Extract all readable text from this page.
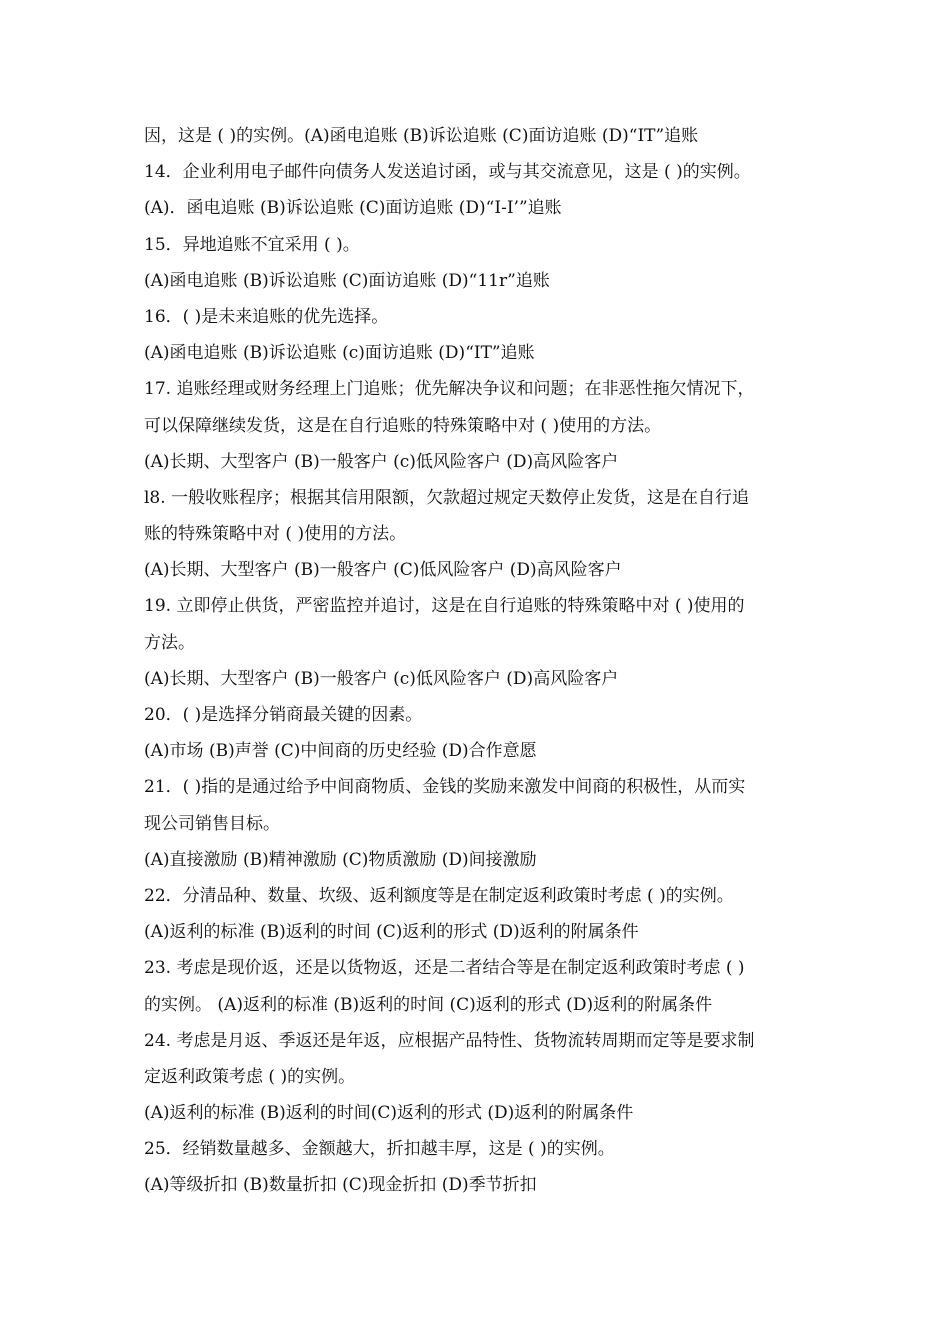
因，这是 ( )的实例。(A)函电追账 (B)诉讼追账 (C)面访追账 (D)“IT”追账
14．企业利用电子邮件向债务人发送追讨函，或与其交流意见，这是 ( )的实例。
(A)．函电追账 (B)诉讼追账 (C)面访追账 (D)“I-I’”追账
15．异地追账不宜采用 ( )。
(A)函电追账 (B)诉讼追账 (C)面访追账 (D)“11r”追账
16．( )是未来追账的优先选择。
(A)函电追账 (B)诉讼追账 (c)面访追账 (D)“IT”追账
17. 追账经理或财务经理上门追账；优先解决争议和问题；在非恶性拖欠情况下，
可以保障继续发货，这是在自行追账的特殊策略中对 ( )使用的方法。
(A)长期、大型客户 (B)一般客户 (c)低风险客户 (D)高风险客户
l8. 一般收账程序；根据其信用限额，欠款超过规定天数停止发货，这是在自行追
账的特殊策略中对 ( )使用的方法。
(A)长期、大型客户 (B)一般客户 (C)低风险客户 (D)高风险客户
19. 立即停止供货，严密监控并追讨，这是在自行追账的特殊策略中对 ( )使用的
方法。
(A)长期、大型客户 (B)一般客户 (c)低风险客户 (D)高风险客户
20．( )是选择分销商最关键的因素。
(A)市场 (B)声誉 (C)中间商的历史经验 (D)合作意愿
21．( )指的是通过给予中间商物质、金钱的奖励来激发中间商的积极性，从而实
现公司销售目标。
(A)直接激励 (B)精神激励 (C)物质激励 (D)间接激励
22．分清品种、数量、坎级、返利额度等是在制定返利政策时考虑 ( )的实例。
(A)返利的标准 (B)返利的时间 (C)返利的形式 (D)返利的附属条件
23. 考虑是现价返，还是以货物返，还是二者结合等是在制定返利政策时考虑 ( )
的实例。 (A)返利的标准 (B)返利的时间 (C)返利的形式 (D)返利的附属条件
24. 考虑是月返、季返还是年返，应根据产品特性、货物流转周期而定等是要求制
定返利政策考虑 ( )的实例。
(A)返利的标准 (B)返利的时间(C)返利的形式 (D)返利的附属条件
25．经销数量越多、金额越大，折扣越丰厚，这是 ( )的实例。
(A)等级折扣 (B)数量折扣 (C)现金折扣 (D)季节折扣
